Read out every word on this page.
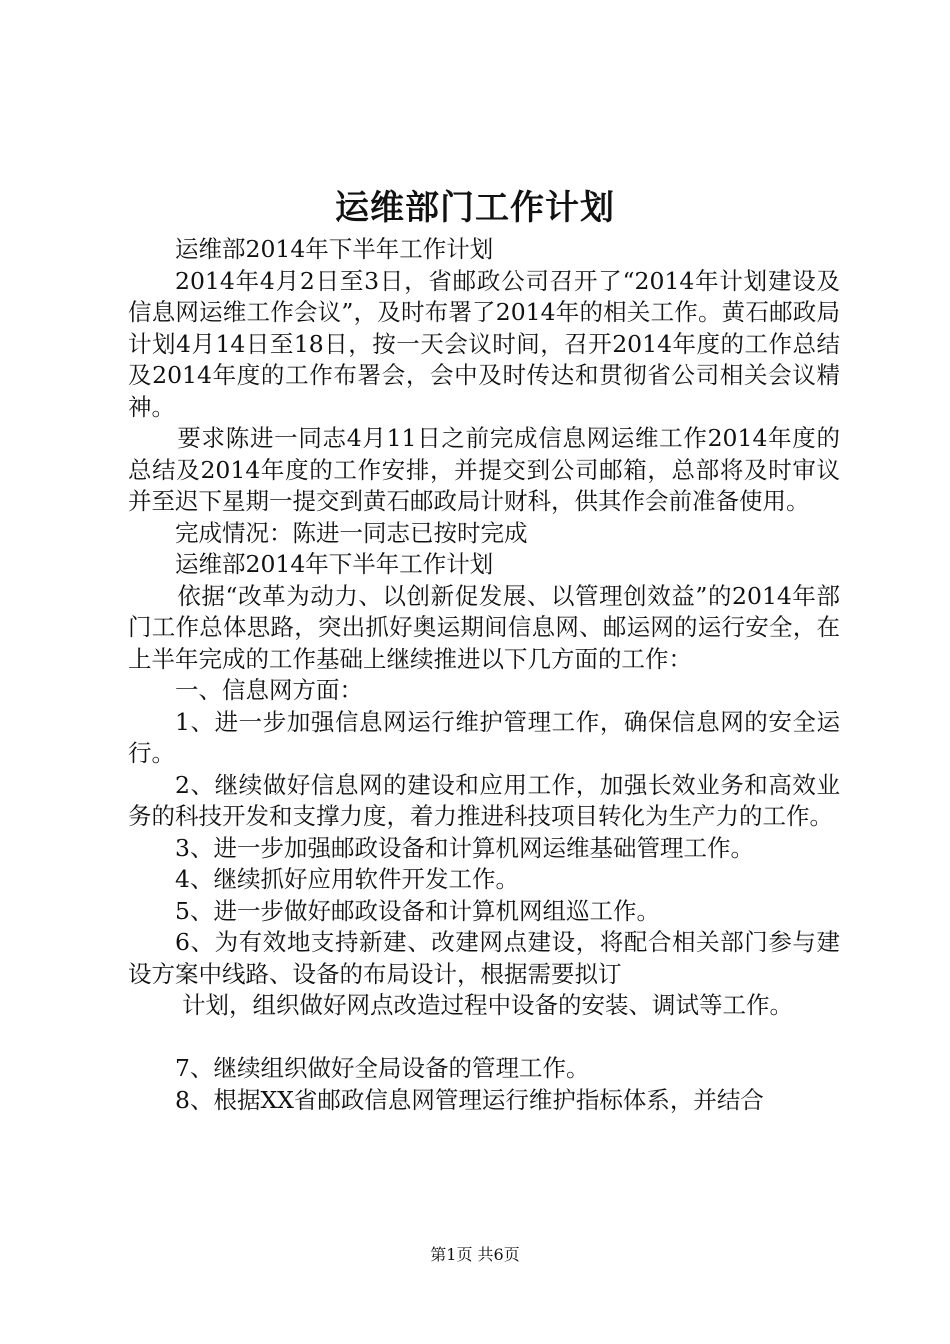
运维部门工作计划

运维部2014年下半年工作计划

2014年4月2日至3日，省邮政公司召开了“2014年计划建设及信息网运维工作会议”，及时布署了2014年的相关工作。黄石邮政局计划4月14日至18日，按一天会议时间，召开2014年度的工作总结及2014年度的工作布署会，会中及时传达和贯彻省公司相关会议精神。

要求陈进一同志4月11日之前完成信息网运维工作2014年度的总结及2014年度的工作安排，并提交到公司邮箱，总部将及时审议并至迟下星期一提交到黄石邮政局计财科，供其作会前准备使用。

完成情况：陈进一同志已按时完成

运维部2014年下半年工作计划

依据“改革为动力、以创新促发展、以管理创效益”的2014年部门工作总体思路，突出抓好奥运期间信息网、邮运网的运行安全，在上半年完成的工作基础上继续推进以下几方面的工作：

一、信息网方面：

1、进一步加强信息网运行维护管理工作，确保信息网的安全运行。

2、继续做好信息网的建设和应用工作，加强长效业务和高效业务的科技开发和支撑力度，着力推进科技项目转化为生产力的工作。

3、进一步加强邮政设备和计算机网运维基础管理工作。

4、继续抓好应用软件开发工作。

5、进一步做好邮政设备和计算机网组巡工作。

6、为有效地支持新建、改建网点建设，将配合相关部门参与建设方案中线路、设备的布局设计，根据需要拟订

计划，组织做好网点改造过程中设备的安装、调试等工作。

7、继续组织做好全局设备的管理工作。

8、根据XX省邮政信息网管理运行维护指标体系，并结合

第1页 共6页
